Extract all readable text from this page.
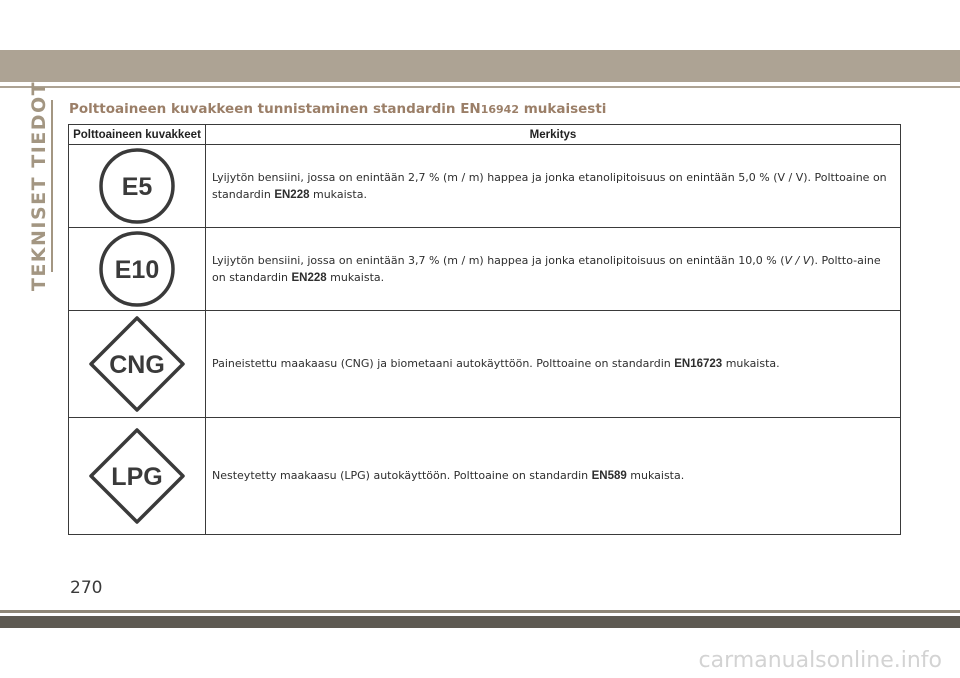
TEKNISET TIEDOT Polttoaineen kuvakkeen tunnistaminen standardin EN16942 mukaisesti
Polttoaineen kuvakkeet	Merkitys

E5	Lyijytön bensiini, jossa on enintään 2,7 % (m / m) happea ja jonka etanolipitoisuus on enintään 5,0 % (V / V). Polttoaine on standardin EN228 mukaista.

E10	Lyijytön bensiini, jossa on enintään 3,7 % (m / m) happea ja jonka etanolipitoisuus on enintään 10,0 % (V / V). Poltto-aine on standardin EN228 mukaista.

CNG	Paineistettu maakaasu (CNG) ja biometaani autokäyttöön. Polttoaine on standardin EN16723 mukaista.

LPG	Nesteytetty maakaasu (LPG) autokäyttöön. Polttoaine on standardin EN589 mukaista.
270
carmanualsonline.info
